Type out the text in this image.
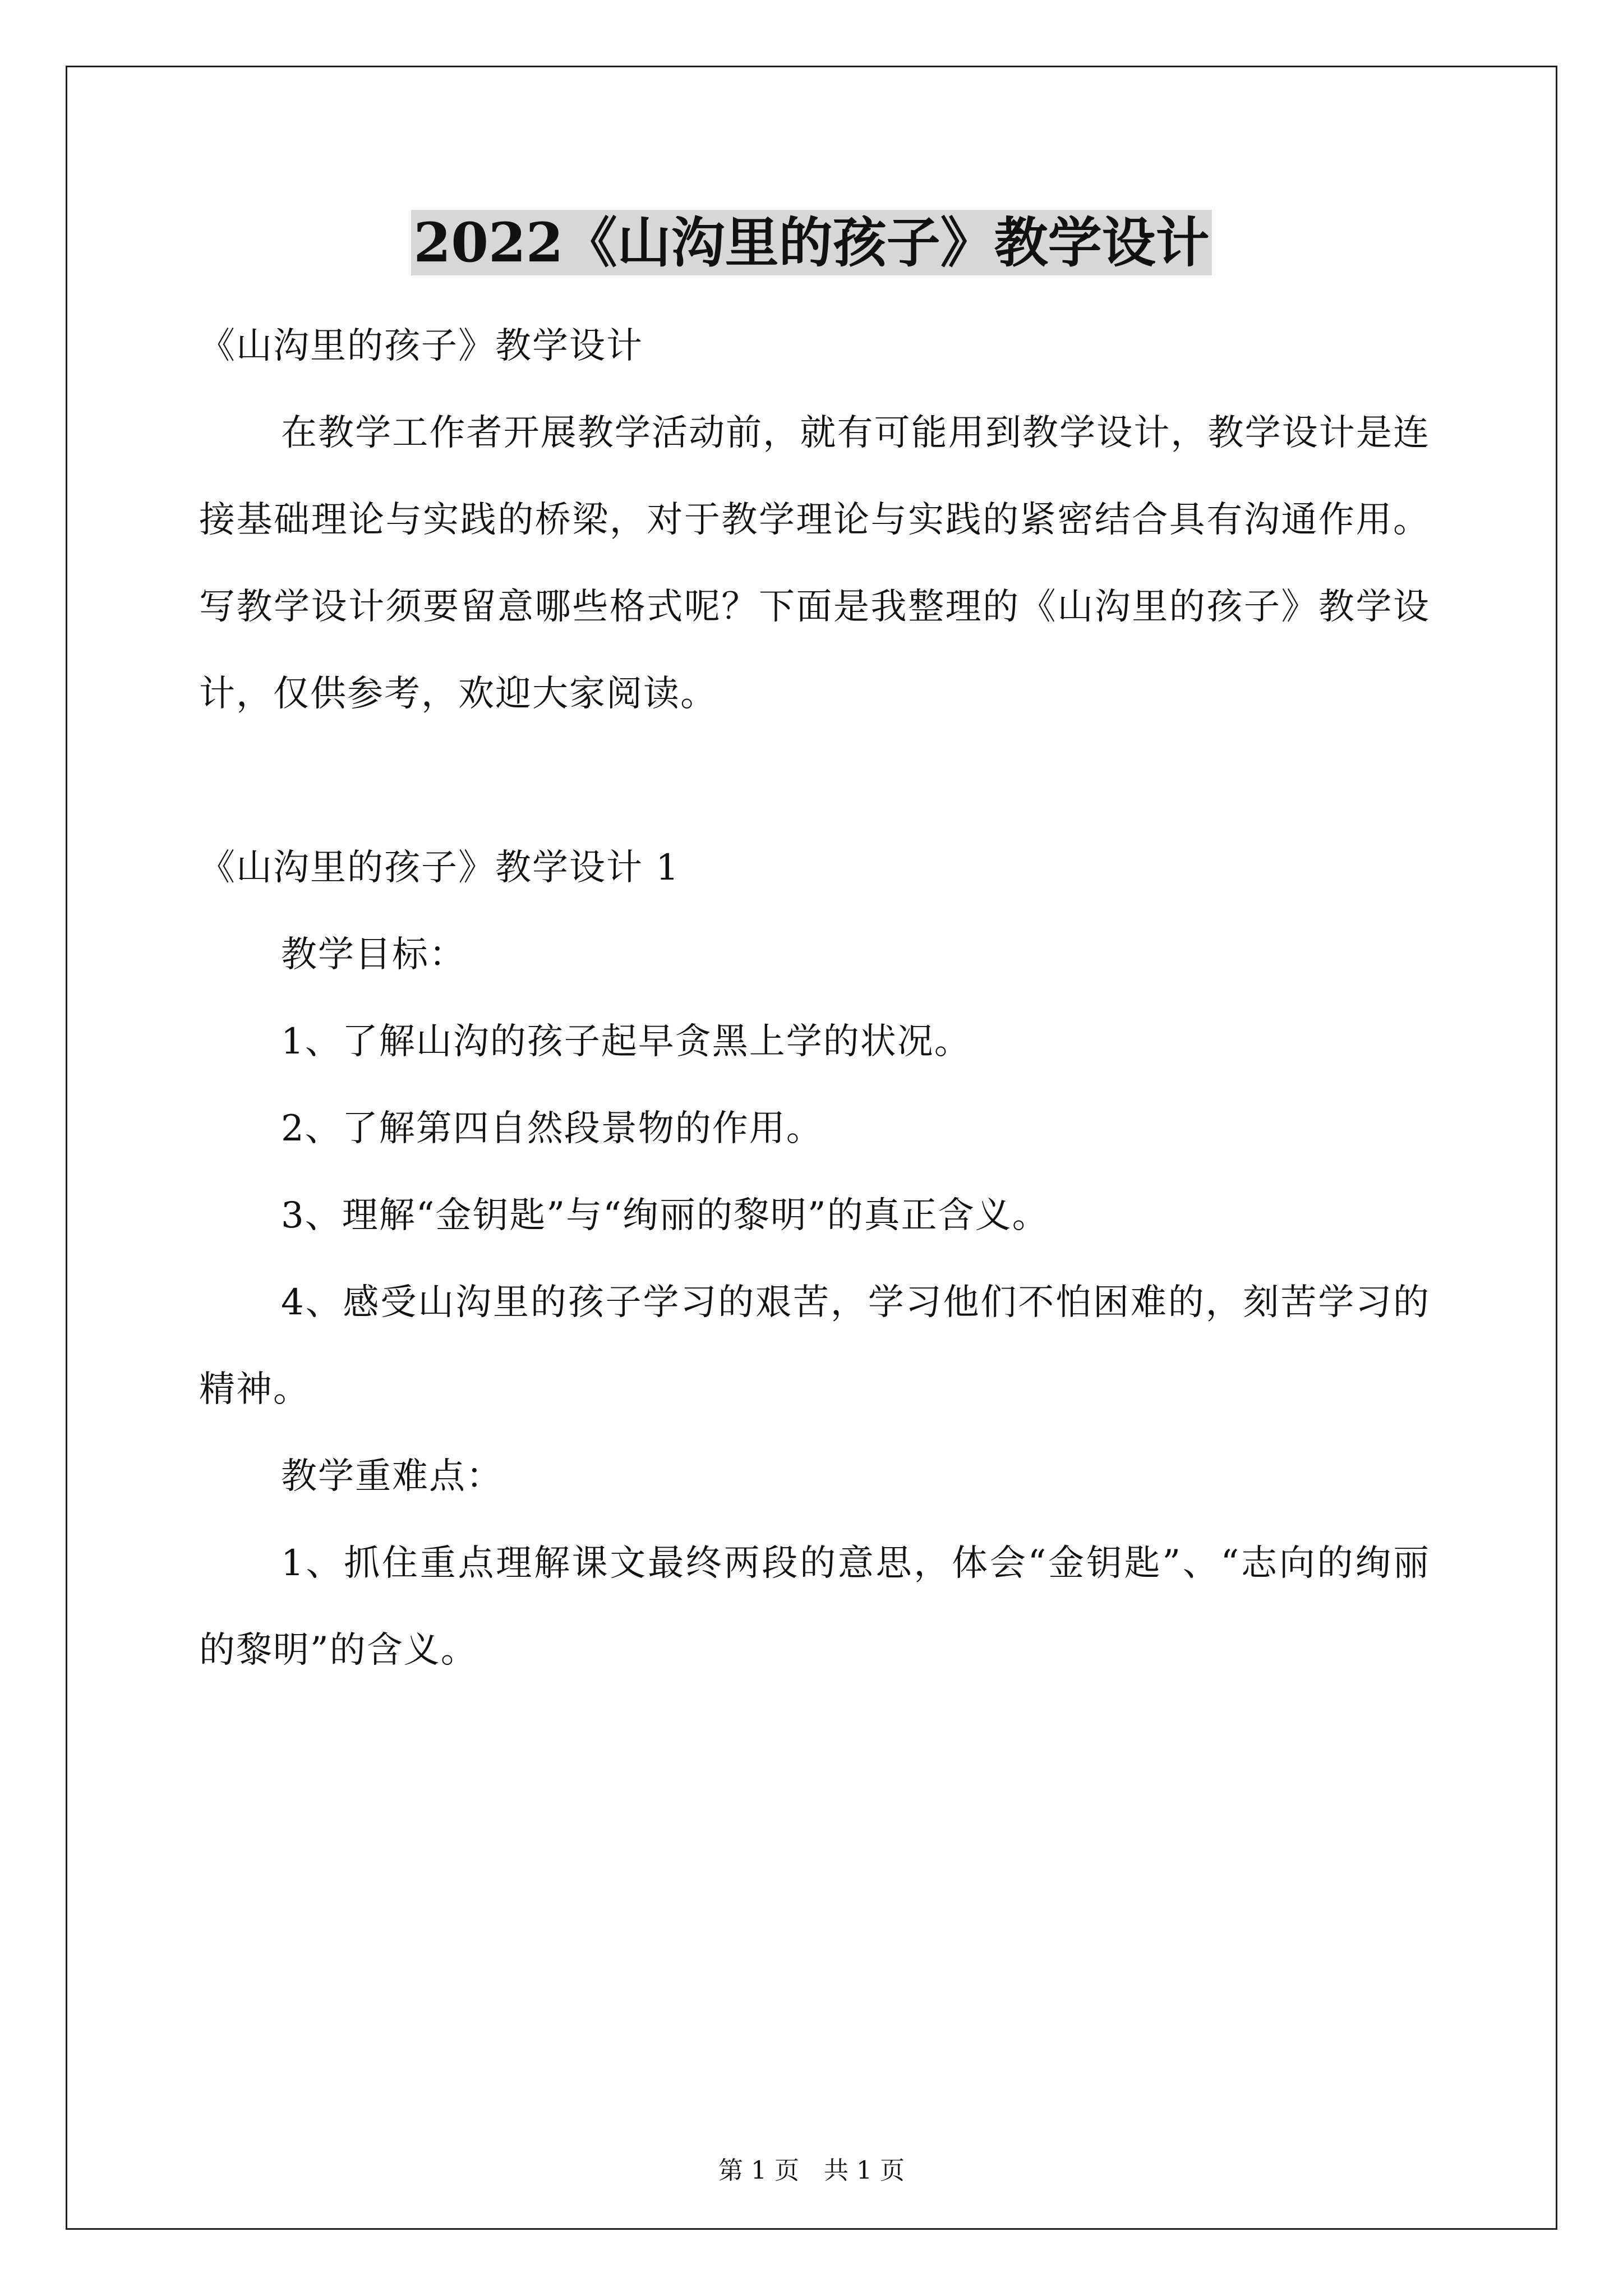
2022《山沟里的孩子》教学设计

《山沟里的孩子》教学设计

在教学工作者开展教学活动前，就有可能用到教学设计，教学设计是连接基础理论与实践的桥梁，对于教学理论与实践的紧密结合具有沟通作用。写教学设计须要留意哪些格式呢？下面是我整理的《山沟里的孩子》教学设计，仅供参考，欢迎大家阅读。

《山沟里的孩子》教学设计 1

教学目标：

1、了解山沟的孩子起早贪黑上学的状况。

2、了解第四自然段景物的作用。

3、理解“金钥匙”与“绚丽的黎明”的真正含义。

4、感受山沟里的孩子学习的艰苦，学习他们不怕困难的，刻苦学习的精神。

教学重难点：

1、抓住重点理解课文最终两段的意思，体会“金钥匙”、“志向的绚丽的黎明”的含义。

第 1 页　共 1 页
